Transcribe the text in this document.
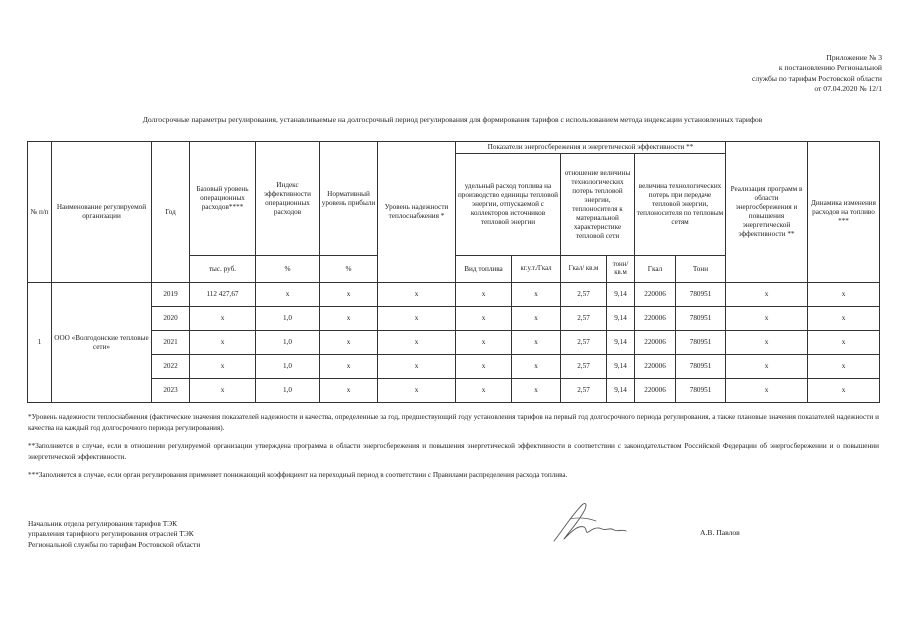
Приложение № 3
к постановлению Региональной
службы по тарифам Ростовской области
от 07.04.2020 № 12/1
Долгосрочные параметры регулирования, устанавливаемые на долгосрочный период регулирования для формирования тарифов с использованием метода индексации установленных тарифов
№ п/п	Наименование регулируемой организации	Год	Базовый уровень операционных расходов****	Индекс эффективности операционных расходов	Нормативный уровень прибыли	Уровень надежности теплоснабжения *	Показатели энергосбережения и энергетической эффективности **						Реализация программ в области энергосбережения и повышения энергетической эффективности **	Динамика изменения расходов на топливо ***
							удельный расход топлива на производство единицы тепловой энергии, отпускаемой с коллекторов источников тепловой энергии		отношение величины технологических потерь тепловой энергии, теплоносителя к материальной характеристике тепловой сети		величина технологических потерь при передаче тепловой энергии, теплоносителя по тепловым сетям			
			тыс. руб.	%	%		Вид топлива	кг.у.т./Гкал	Гкал/ кв.м	тонн/кв.м	Гкал	Тонн		
1	ООО «Волгодонские тепловые сети»	2019	112 427,67	х	х	х	х	х	2,57	9,14	220006	780951	х	х
		2020	х	1,0	х	х	х	х	2,57	9,14	220006	780951	х	х
		2021	х	1,0	х	х	х	х	2,57	9,14	220006	780951	х	х
		2022	х	1,0	х	х	х	х	2,57	9,14	220006	780951	х	х
		2023	х	1,0	х	х	х	х	2,57	9,14	220006	780951	х	х

*Уровень надежности теплоснабжения (фактические значения показателей надежности и качества, определенные за год, предшествующий году установления тарифов на первый год долгосрочного периода регулирования, а также плановые значения показателей надежности и качества на каждый год долгосрочного периода регулирования).

**Заполняется в случае, если в отношении регулируемой организации утверждена программа в области энергосбережения и повышения энергетической эффективности в соответствии с законодательством Российской Федерации об энергосбережении и о повышении энергетической эффективности.

***Заполняется в случае, если орган регулирования применяет понижающий коэффициент на переходный период в соответствии с Правилами распределения расхода топлива.

Начальник отдела регулирования тарифов ТЭК
управления тарифного регулирования отраслей ТЭК
Региональной службы по тарифам Ростовской области
А.В. Павлов
